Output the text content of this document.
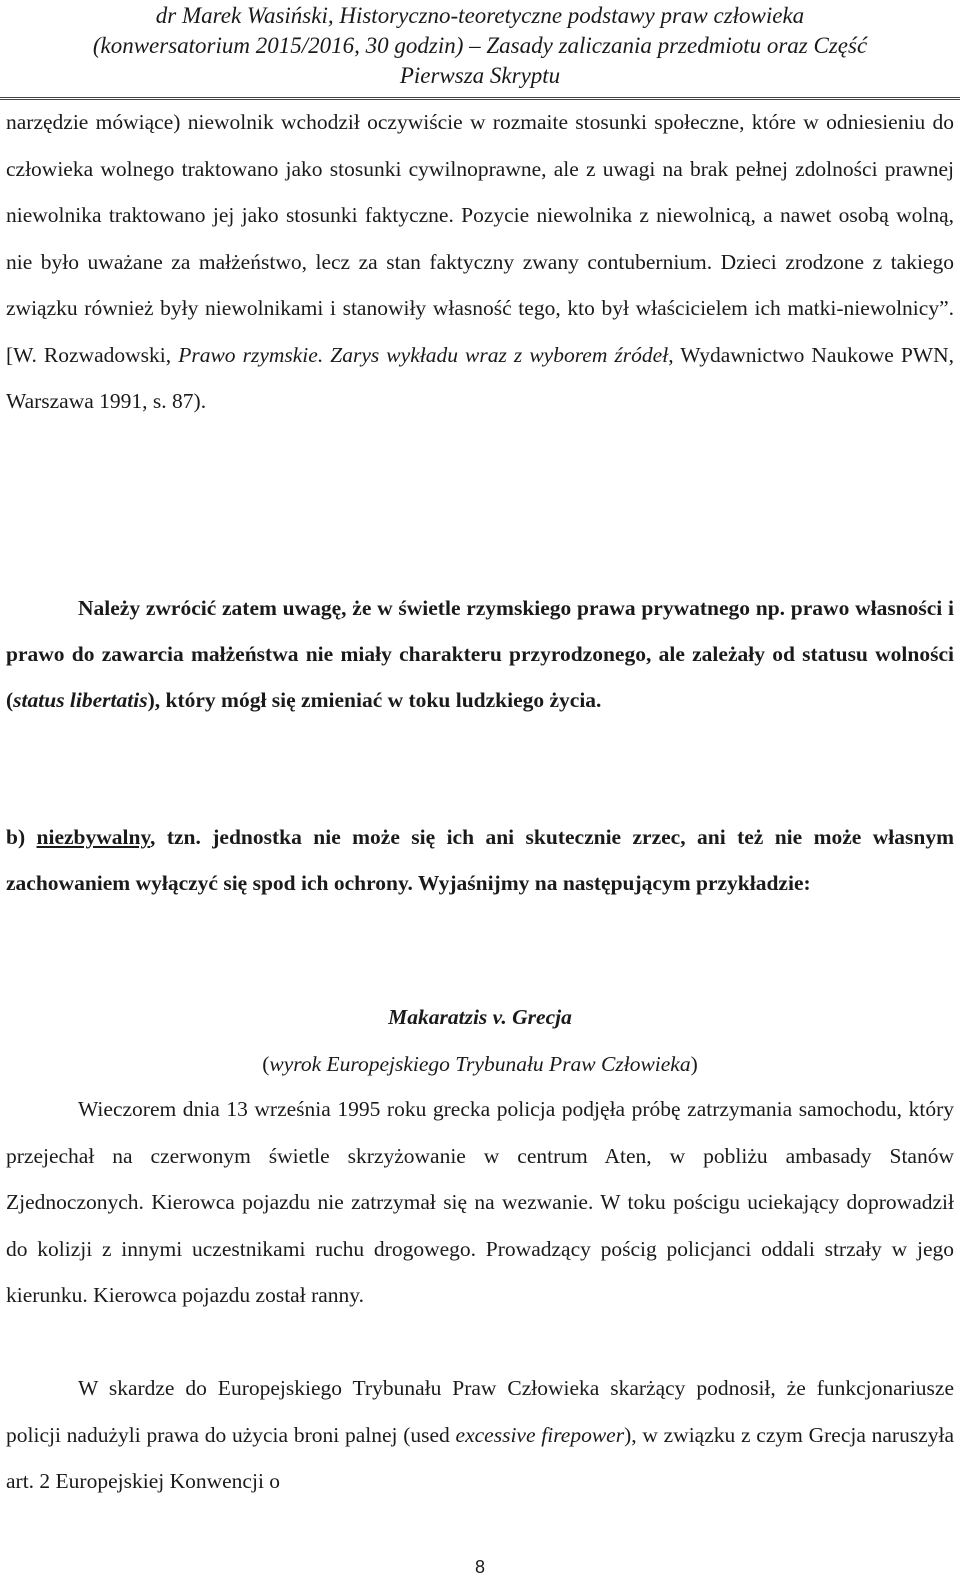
dr Marek Wasiński, Historyczno-teoretyczne podstawy praw człowieka
(konwersatorium 2015/2016, 30 godzin) – Zasady zaliczania przedmiotu oraz Część
Pierwsza Skryptu

narzędzie mówiące) niewolnik wchodził oczywiście w rozmaite stosunki społeczne, które w odniesieniu do człowieka wolnego traktowano jako stosunki cywilnoprawne, ale z uwagi na brak pełnej zdolności prawnej niewolnika traktowano jej jako stosunki faktyczne. Pozycie niewolnika z niewolnicą, a nawet osobą wolną, nie było uważane za małżeństwo, lecz za stan faktyczny zwany contubernium. Dzieci zrodzone z takiego związku również były niewolnikami i stanowiły własność tego, kto był właścicielem ich matki-niewolnicy”. [W. Rozwadowski, Prawo rzymskie. Zarys wykładu wraz z wyborem źródeł, Wydawnictwo Naukowe PWN, Warszawa 1991, s. 87).

Należy zwrócić zatem uwagę, że w świetle rzymskiego prawa prywatnego np. prawo własności i prawo do zawarcia małżeństwa nie miały charakteru przyrodzonego, ale zależały od statusu wolności (status libertatis), który mógł się zmieniać w toku ludzkiego życia.

b) niezbywalny, tzn. jednostka nie może się ich ani skutecznie zrzec, ani też nie może własnym zachowaniem wyłączyć się spod ich ochrony. Wyjaśnijmy na następującym przykładzie:

Makaratzis v. Grecja
(wyrok Europejskiego Trybunału Praw Człowieka)

Wieczorem dnia 13 września 1995 roku grecka policja podjęła próbę zatrzymania samochodu, który przejechał na czerwonym świetle skrzyżowanie w centrum Aten, w pobliżu ambasady Stanów Zjednoczonych. Kierowca pojazdu nie zatrzymał się na wezwanie. W toku pościgu uciekający doprowadził do kolizji z innymi uczestnikami ruchu drogowego. Prowadzący pościg policjanci oddali strzały w jego kierunku. Kierowca pojazdu został ranny.

W skardze do Europejskiego Trybunału Praw Człowieka skarżący podnosił, że funkcjonariusze policji nadużyli prawa do użycia broni palnej (used excessive firepower), w związku z czym Grecja naruszyła art. 2 Europejskiej Konwencji o

8
